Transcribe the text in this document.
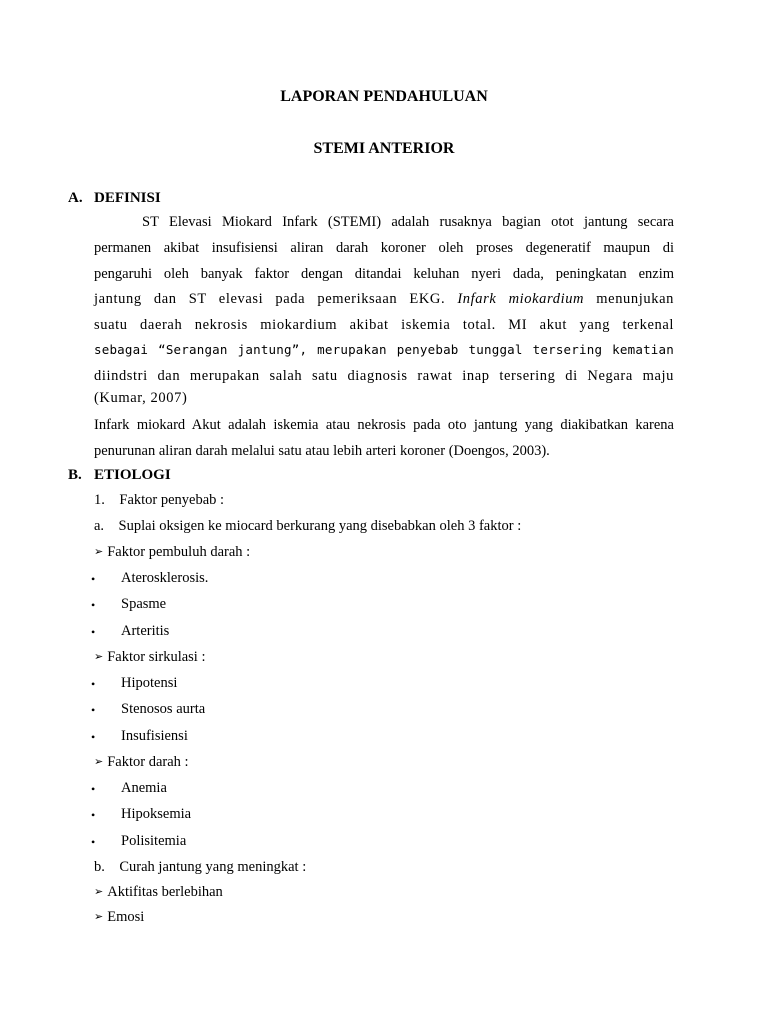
LAPORAN PENDAHULUAN
STEMI ANTERIOR
A. DEFINISI
ST Elevasi Miokard Infark (STEMI) adalah rusaknya bagian otot jantung secara
permanen akibat insufisiensi aliran darah koroner oleh proses degeneratif maupun di
pengaruhi oleh banyak faktor dengan ditandai keluhan nyeri dada, peningkatan enzim
jantung dan ST elevasi pada pemeriksaan EKG. Infark miokardium menunjukan
suatu daerah nekrosis miokardium akibat iskemia total. MI akut yang terkenal
sebagai “Serangan jantung”, merupakan penyebab tunggal tersering kematian
diindstri dan merupakan salah satu diagnosis rawat inap tersering di Negara maju
(Kumar, 2007)
Infark miokard Akut adalah iskemia atau nekrosis pada oto jantung yang diakibatkan karena
penurunan aliran darah melalui satu atau lebih arteri koroner (Doengos, 2003).
B. ETIOLOGI
1.    Faktor penyebab :
a.    Suplai oksigen ke miocard berkurang yang disebabkan oleh 3 faktor :
➢ Faktor pembuluh darah :
• Aterosklerosis.
• Spasme
• Arteritis
➢ Faktor sirkulasi :
• Hipotensi
• Stenosos aurta
• Insufisiensi
➢ Faktor darah :
• Anemia
• Hipoksemia
• Polisitemia
b.    Curah jantung yang meningkat :
➢ Aktifitas berlebihan
➢ Emosi
